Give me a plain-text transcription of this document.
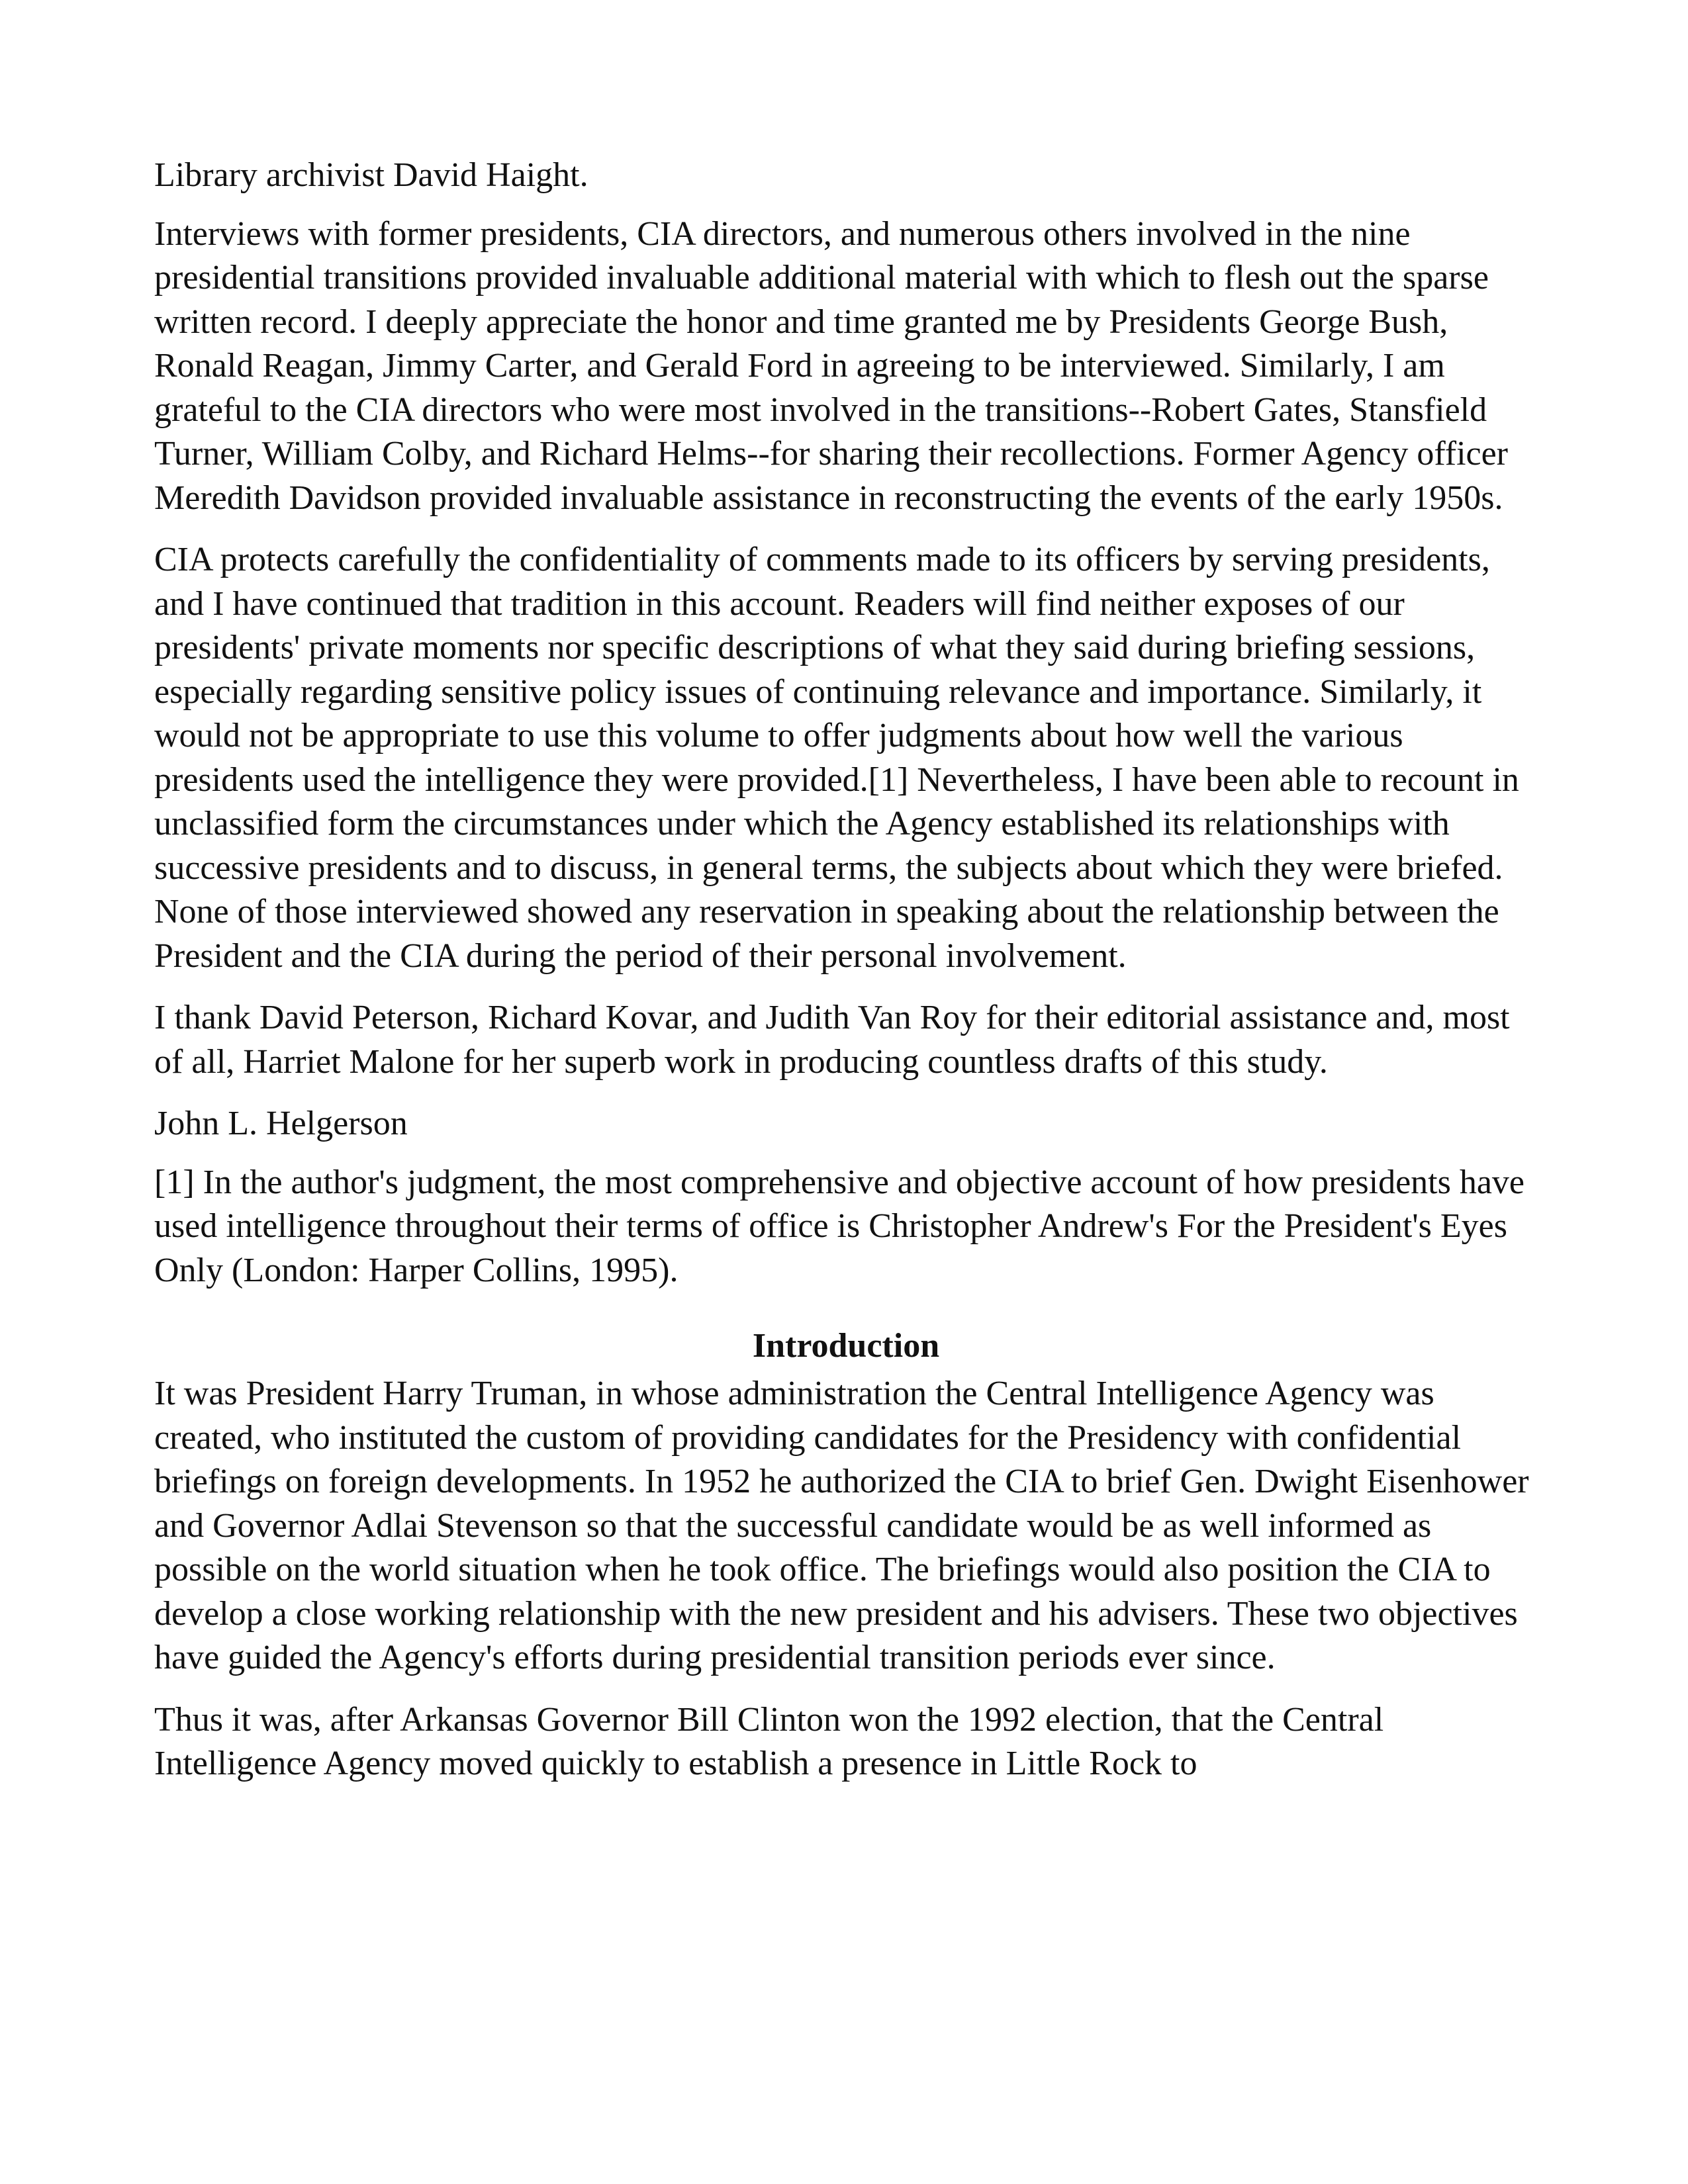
Library archivist David Haight.

Interviews with former presidents, CIA directors, and numerous others involved in the nine presidential transitions provided invaluable additional material with which to flesh out the sparse written record. I deeply appreciate the honor and time granted me by Presidents George Bush, Ronald Reagan, Jimmy Carter, and Gerald Ford in agreeing to be interviewed. Similarly, I am grateful to the CIA directors who were most involved in the transitions--Robert Gates, Stansfield Turner, William Colby, and Richard Helms--for sharing their recollections. Former Agency officer Meredith Davidson provided invaluable assistance in reconstructing the events of the early 1950s.

CIA protects carefully the confidentiality of comments made to its officers by serving presidents, and I have continued that tradition in this account. Readers will find neither exposes of our presidents' private moments nor specific descriptions of what they said during briefing sessions, especially regarding sensitive policy issues of continuing relevance and importance. Similarly, it would not be appropriate to use this volume to offer judgments about how well the various presidents used the intelligence they were provided.[1] Nevertheless, I have been able to recount in unclassified form the circumstances under which the Agency established its relationships with successive presidents and to discuss, in general terms, the subjects about which they were briefed. None of those interviewed showed any reservation in speaking about the relationship between the President and the CIA during the period of their personal involvement.

I thank David Peterson, Richard Kovar, and Judith Van Roy for their editorial assistance and, most of all, Harriet Malone for her superb work in producing countless drafts of this study.

John L. Helgerson

[1] In the author's judgment, the most comprehensive and objective account of how presidents have used intelligence throughout their terms of office is Christopher Andrew's For the President's Eyes Only (London: Harper Collins, 1995).

Introduction

It was President Harry Truman, in whose administration the Central Intelligence Agency was created, who instituted the custom of providing candidates for the Presidency with confidential briefings on foreign developments. In 1952 he authorized the CIA to brief Gen. Dwight Eisenhower and Governor Adlai Stevenson so that the successful candidate would be as well informed as possible on the world situation when he took office. The briefings would also position the CIA to develop a close working relationship with the new president and his advisers. These two objectives have guided the Agency's efforts during presidential transition periods ever since.

Thus it was, after Arkansas Governor Bill Clinton won the 1992 election, that the Central Intelligence Agency moved quickly to establish a presence in Little Rock to
